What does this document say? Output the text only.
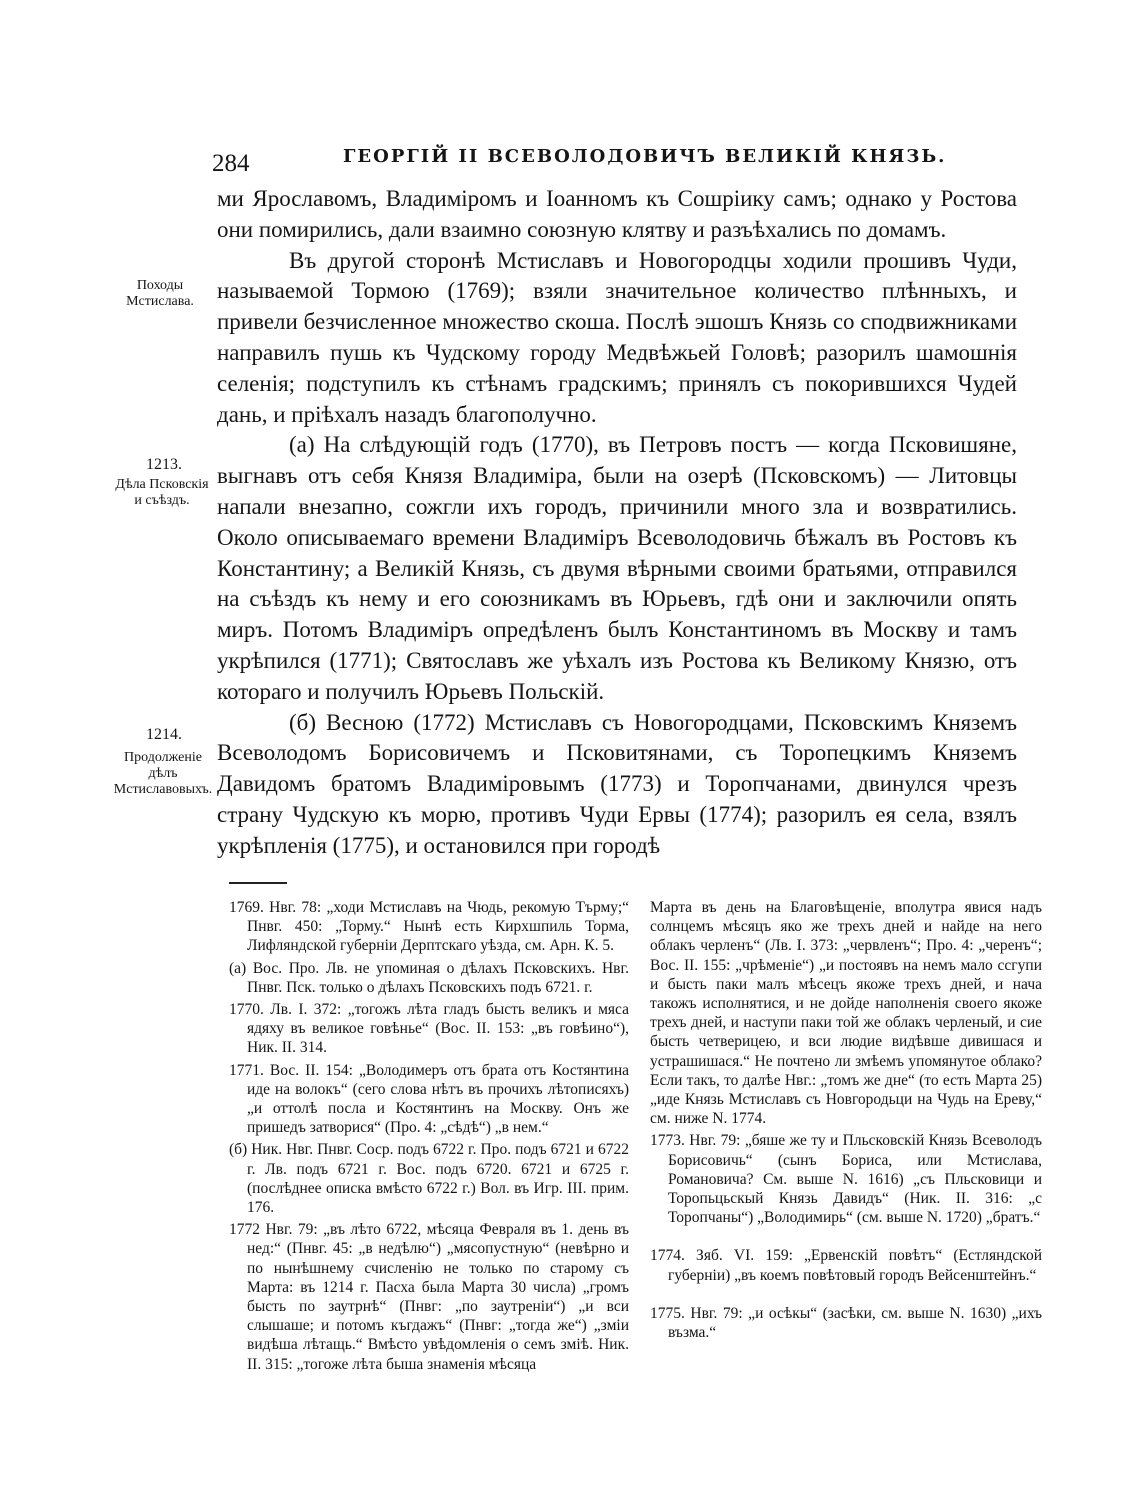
284	ГЕОРГІЙ II ВСЕВОЛОДОВИЧЪ ВЕЛИКІЙ КНЯЗЬ.
Походы Мстислава.
1213.
Дѣла Псковскія и съѣздъ.
1214.
Продолженіе дѣлъ Мстиславовыхъ.

ми Ярославомъ, Владиміромъ и Іоанномъ къ Сошріику самъ; однако у Ростова они помирились, дали взаимно союзную клятву и разъѣхались по домамъ.

Въ другой сторонѣ Мстиславъ и Новогородцы ходили прошивъ Чуди, называемой Тормою (1769); взяли значительное количество плѣнныхъ, и привели безчисленное множество скоша. Послѣ эшошъ Князь со сподвижниками направилъ пушь къ Чудскому городу Медвѣжьей Головѣ; разорилъ шамошнія селенія; подступилъ къ стѣнамъ градскимъ; принялъ съ покорившихся Чудей дань, и пріѣхалъ назадъ благополучно.

(а) На слѣдующій годъ (1770), въ Петровъ постъ — когда Псковишяне, выгнавъ отъ себя Князя Владиміра, были на озерѣ (Псковскомъ) — Литовцы напали внезапно, сожгли ихъ городъ, причинили много зла и возвратились. Около описываемаго времени Владиміръ Всеволодовичь бѣжалъ въ Ростовъ къ Константину; а Великій Князь, съ двумя вѣрными своими братьями, отправился на съѣздъ къ нему и его союзникамъ въ Юрьевъ, гдѣ они и заключили опять миръ. Потомъ Владиміръ опредѣленъ былъ Константиномъ въ Москву и тамъ укрѣпился (1771); Святославъ же уѣхалъ изъ Ростова къ Великому Князю, отъ котораго и получилъ Юрьевъ Польскій.

(б) Весною (1772) Мстиславъ съ Новогородцами, Псковскимъ Княземъ Всеволодомъ Борисовичемъ и Псковитянами, съ Торопецкимъ Княземъ Давидомъ братомъ Владиміровымъ (1773) и Торопчанами, двинулся чрезъ страну Чудскую къ морю, противъ Чуди Ервы (1774); разорилъ ея села, взялъ укрѣпленія (1775), и остановился при городѣ

1769. Нвг. 78: „ходи Мстиславъ на Чюдь, рекомую Търму;“ Пнвг. 450: „Торму.“ Нынѣ есть Кирхшпиль Торма, Лифляндской губерніи Дерптскаго уѣзда, см. Арн. К. 5.

(а) Вос. Про. Лв. не упоминая о дѣлахъ Псковскихъ. Нвг. Пнвг. Пск. только о дѣлахъ Псковскихъ подъ 6721. г.

1770. Лв. I. 372: „тогожъ лѣта гладъ бысть великъ и мяса ядяху въ великое говѣнье“ (Вос. II. 153: „въ говѣино“), Ник. II. 314.

1771. Вос. II. 154: „Володимеръ отъ брата отъ Костянтина иде на волокъ“ (сего слова нѣтъ въ прочихъ лѣтописяхъ) „и оттолѣ посла и Костянтинъ на Москву. Онъ же пришедъ затворися“ (Про. 4: „сѣдѣ“) „в нем.“

(б) Ник. Нвг. Пнвг. Соср. подъ 6722 г. Про. подъ 6721 и 6722 г. Лв. подъ 6721 г. Вос. подъ 6720. 6721 и 6725 г. (послѣднее описка вмѣсто 6722 г.) Вол. въ Игр. III. прим. 176.

1772 Нвг. 79: „въ лѣто 6722, мѣсяца Февраля въ 1. день въ нед:“ (Пнвг. 45: „в недѣлю“) „мясопустную“ (невѣрно и по нынѣшнему счисленію не только по старому съ Марта: въ 1214 г. Пасха была Марта 30 числа) „громъ бысть по заутрнѣ“ (Пнвг: „по заутреніи“) „и вси слышаше; и потомъ къгдажъ“ (Пнвг: „тогда же“) „зміи видѣша лѣтащь.“ Вмѣсто увѣдомленія о семъ змiѣ. Ник. II. 315: „тогоже лѣта быша знаменія мѣсяца

Марта въ день на Благовѣщеніе, вполутра явися надъ солнцемъ мѣсяцъ яко же трехъ дней и найде на него облакъ черленъ“ (Лв. I. 373: „червленъ“; Про. 4: „черенъ“; Вос. II. 155: „чрѣменіе“) „и постоявъ на немъ мало ссгупи и бысть паки малъ мѣсецъ якоже трехъ дней, и нача такожъ исполнятися, и не дойде наполненія своего якоже трехъ дней, и наступи паки той же облакъ черленый, и сие бысть четверицею, и вси людие видѣвше дивишася и устрашишася.“ Не почтено ли змѣемъ упомянутое облако? Если такъ, то далѣе Нвг.: „томъ же дне“ (то есть Марта 25) „иде Князь Мстиславъ съ Новгородьци на Чудь на Ереву,“ см. ниже N. 1774.

1773. Нвг. 79: „бяше же ту и Пльсковскiй Князь Всеволодъ Борисовичь“ (сынъ Бориса, или Мстислава, Романовича? См. выше N. 1616) „съ Пльсковици и Торопьцьскый Князь Давидъ“ (Ник. II. 316: „с Торопчаны“) „Володимирь“ (см. выше N. 1720) „братъ.“

1774. Зяб. VI. 159: „Ервенскій повѣтъ“ (Естляндской губерніи) „въ коемъ повѣтовый городъ Вейсенштейнъ.“

1775. Нвг. 79: „и осѣкы“ (засѣки, см. выше N. 1630) „ихъ възма.“
